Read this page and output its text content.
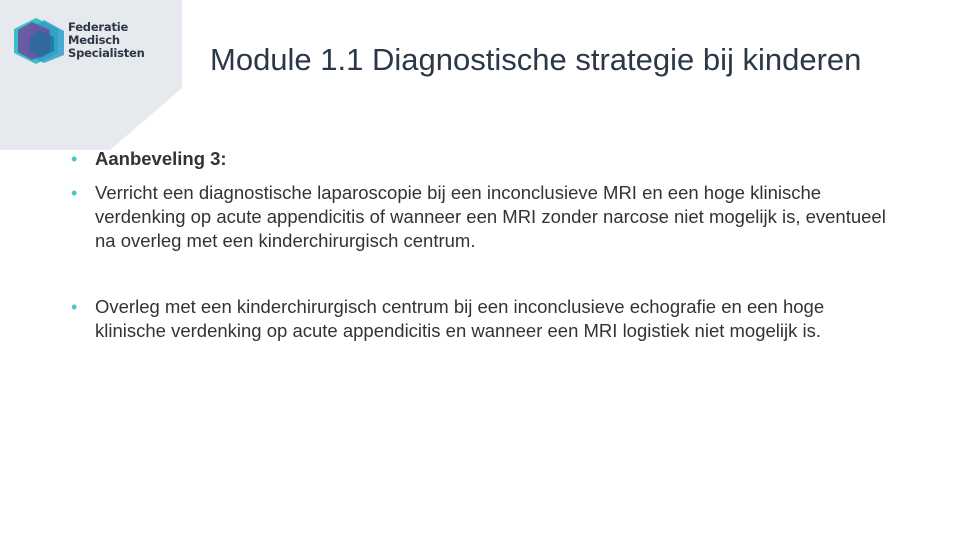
Federatie
Medisch
Specialisten Module 1.1 Diagnostische strategie bij kinderen
• Aanbeveling 3:
• Verricht een diagnostische laparoscopie bij een inconclusieve MRI en een hoge klinische verdenking op acute appendicitis of wanneer een MRI zonder narcose niet mogelijk is, eventueel na overleg met een kinderchirurgisch centrum.
• Overleg met een kinderchirurgisch centrum bij een inconclusieve echografie en een hoge klinische verdenking op acute appendicitis en wanneer een MRI logistiek niet mogelijk is.
